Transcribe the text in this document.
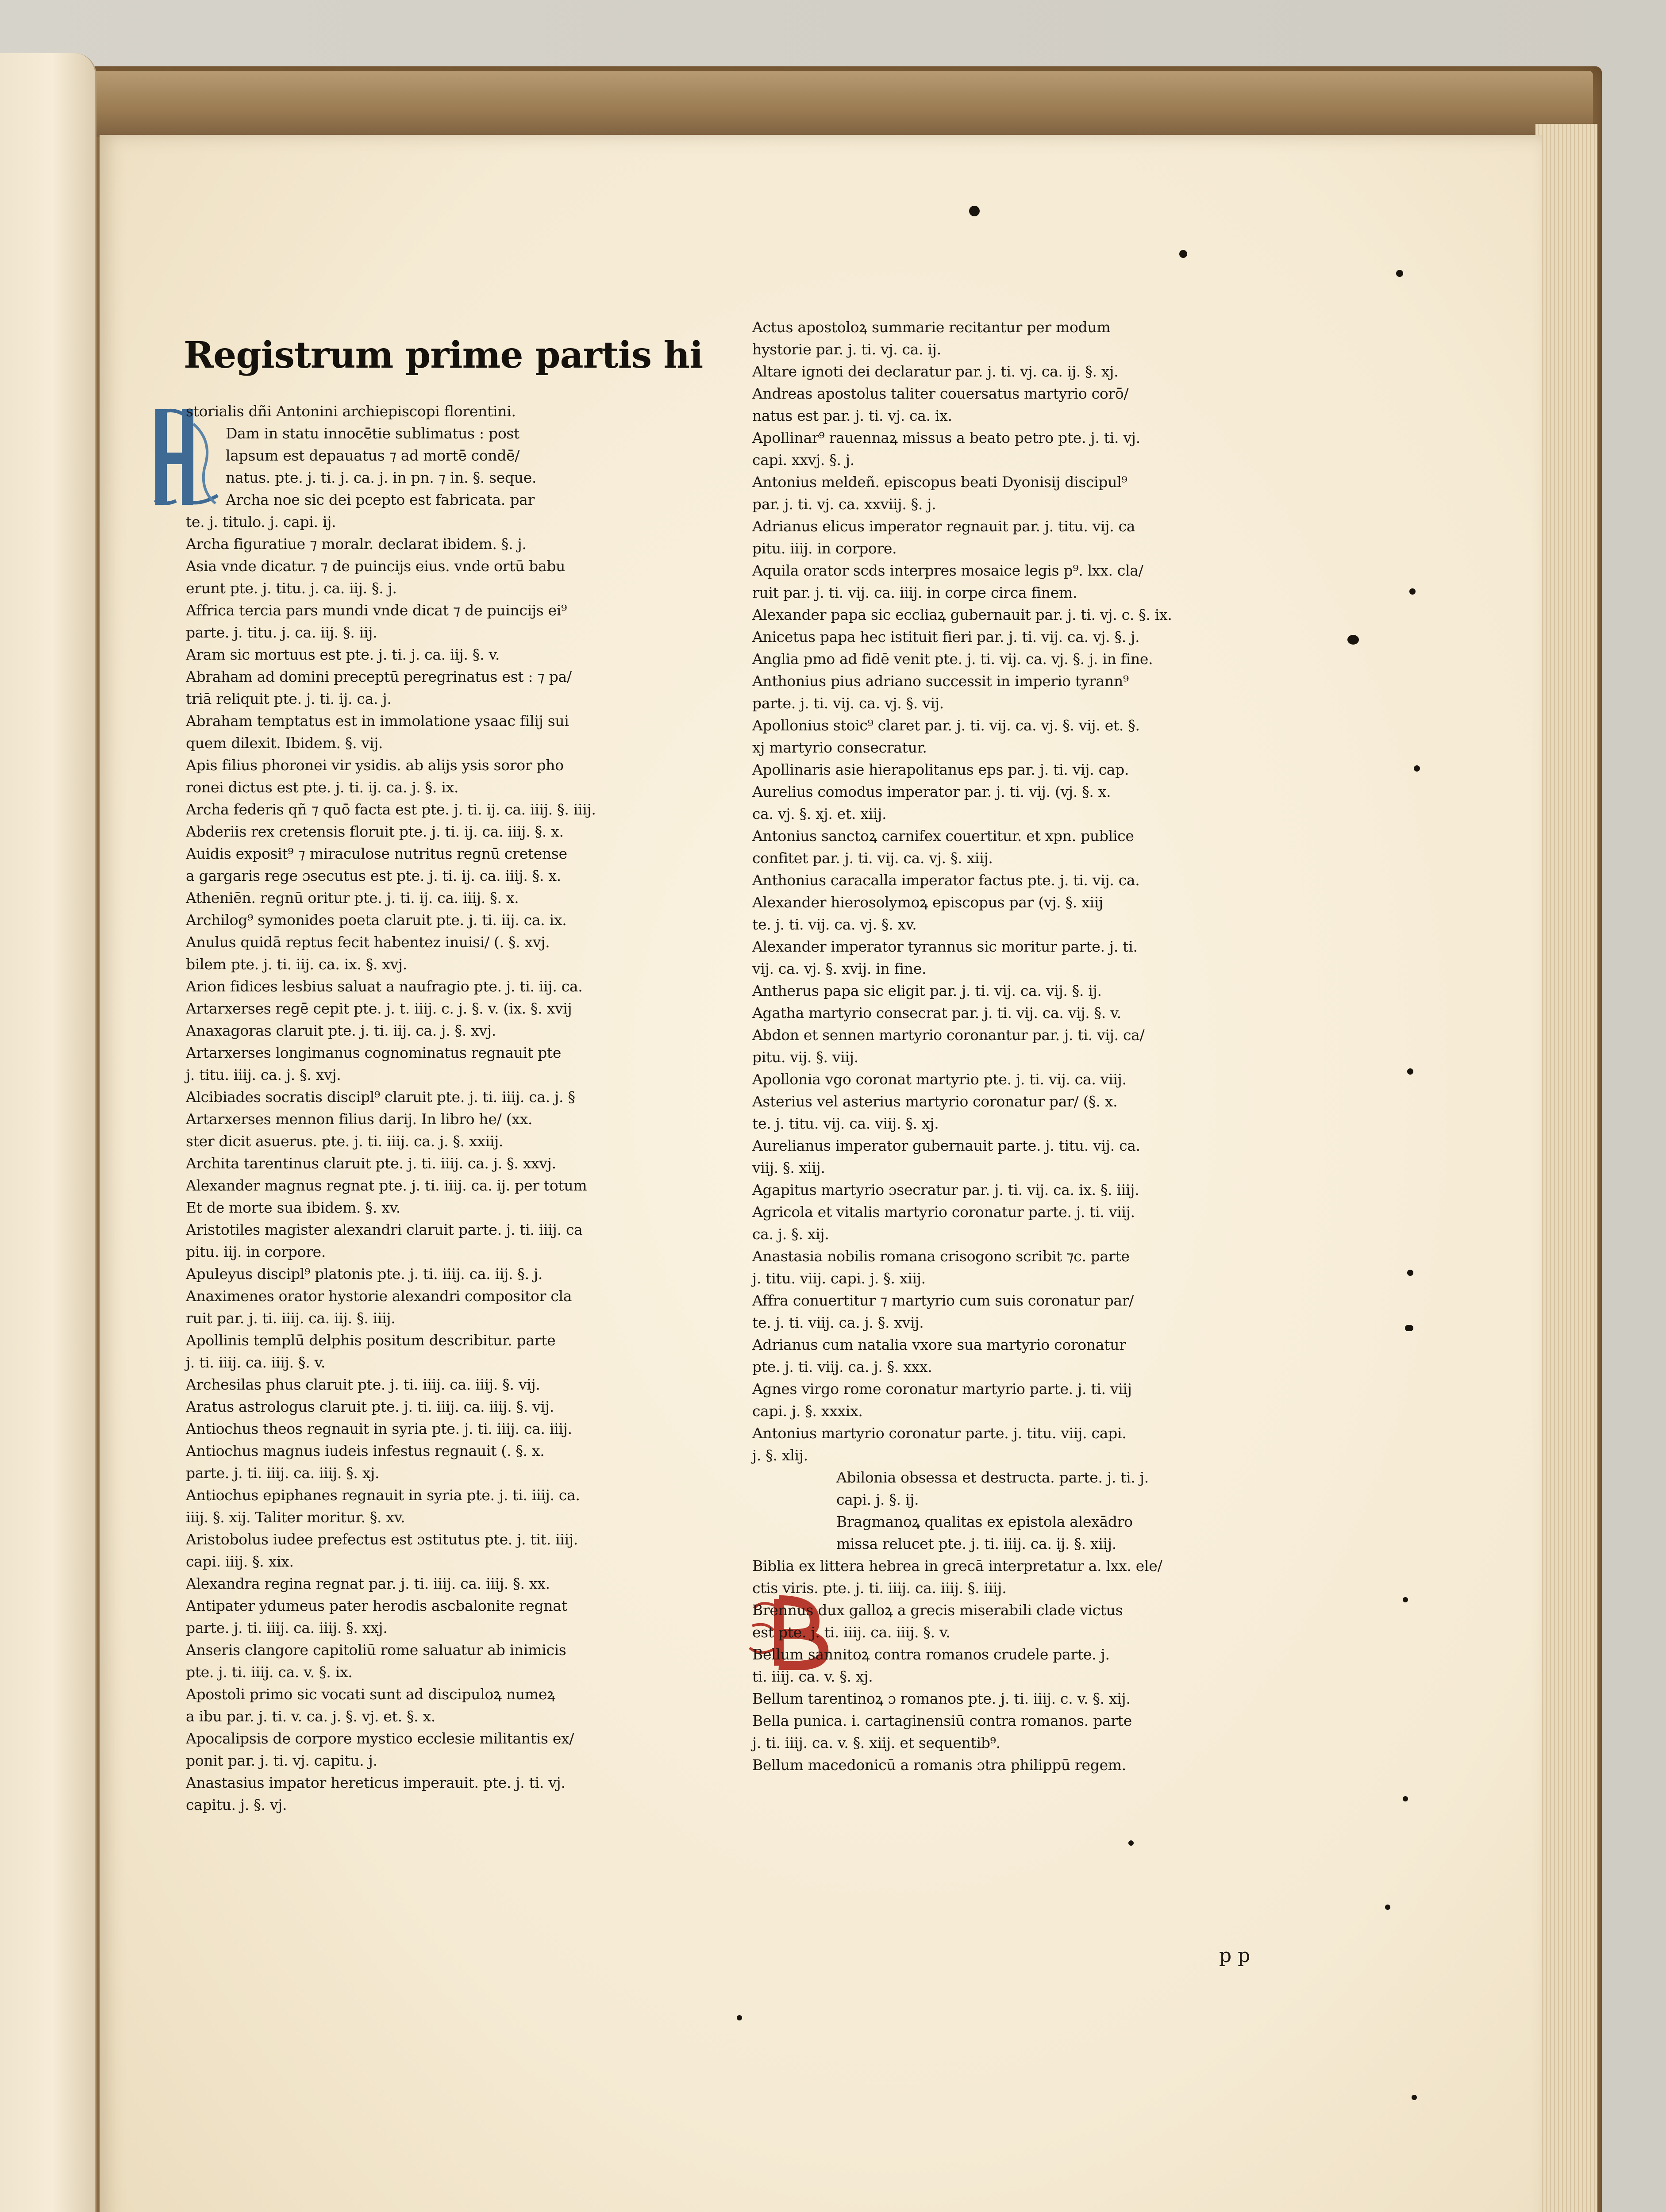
Registrum prime partis hi
storialis dñi Antonini archiepiscopi florentini.
Dam in statu innocētie sublimatus : post
lapsum est depauatus ⁊ ad mortē condē/
natus. pte. j. ti. j. ca. j. in pn. ⁊ in. §. seque.
Archa noe sic dei pcepto est fabricata. par
te. j. titulo. j. capi. ij.
Archa figuratiue ⁊ moralr. declarat ibidem. §. j.
Asia vnde dicatur. ⁊ de puincijs eius. vnde ortū babu
erunt pte. j. titu. j. ca. iij. §. j.
Affrica tercia pars mundi vnde dicat ⁊ de puincijs ei⁹
parte. j. titu. j. ca. iij. §. iij.
Aram sic mortuus est pte. j. ti. j. ca. iij. §. v.
Abraham ad domini preceptū peregrinatus est : ⁊ pa/
triā reliquit pte. j. ti. ij. ca. j.
Abraham temptatus est in immolatione ysaac filij sui
quem dilexit. Ibidem. §. vij.
Apis filius phoronei vir ysidis. ab alijs ysis soror pho
ronei dictus est pte. j. ti. ij. ca. j. §. ix.
Archa federis qñ ⁊ quō facta est pte. j. ti. ij. ca. iiij. §. iiij.
Abderiis rex cretensis floruit pte. j. ti. ij. ca. iiij. §. x.
Auidis exposit⁹ ⁊ miraculose nutritus regnū cretense
a gargaris rege ɔsecutus est pte. j. ti. ij. ca. iiij. §. x.
Atheniēn. regnū oritur pte. j. ti. ij. ca. iiij. §. x.
Archilog⁹ symonides poeta claruit pte. j. ti. iij. ca. ix.
Anulus quidā reptus fecit habentez inuisi/ (. §. xvj.
bilem pte. j. ti. iij. ca. ix. §. xvj.
Arion fidices lesbius saluat a naufragio pte. j. ti. iij. ca.
Artarxerses regē cepit pte. j. t. iiij. c. j. §. v. (ix. §. xvij
Anaxagoras claruit pte. j. ti. iij. ca. j. §. xvj.
Artarxerses longimanus cognominatus regnauit pte
j. titu. iiij. ca. j. §. xvj.
Alcibiades socratis discipl⁹ claruit pte. j. ti. iiij. ca. j. §
Artarxerses mennon filius darij. In libro he/ (xx.
ster dicit asuerus. pte. j. ti. iiij. ca. j. §. xxiij.
Archita tarentinus claruit pte. j. ti. iiij. ca. j. §. xxvj.
Alexander magnus regnat pte. j. ti. iiij. ca. ij. per totum
Et de morte sua ibidem. §. xv.
Aristotiles magister alexandri claruit parte. j. ti. iiij. ca
pitu. iij. in corpore.
Apuleyus discipl⁹ platonis pte. j. ti. iiij. ca. iij. §. j.
Anaximenes orator hystorie alexandri compositor cla
ruit par. j. ti. iiij. ca. iij. §. iiij.
Apollinis templū delphis positum describitur. parte
j. ti. iiij. ca. iiij. §. v.
Archesilas phus claruit pte. j. ti. iiij. ca. iiij. §. vij.
Aratus astrologus claruit pte. j. ti. iiij. ca. iiij. §. vij.
Antiochus theos regnauit in syria pte. j. ti. iiij. ca. iiij.
Antiochus magnus iudeis infestus regnauit (. §. x.
parte. j. ti. iiij. ca. iiij. §. xj.
Antiochus epiphanes regnauit in syria pte. j. ti. iiij. ca.
iiij. §. xij. Taliter moritur. §. xv.
Aristobolus iudee prefectus est ɔstitutus pte. j. tit. iiij.
capi. iiij. §. xix.
Alexandra regina regnat par. j. ti. iiij. ca. iiij. §. xx.
Antipater ydumeus pater herodis ascbalonite regnat
parte. j. ti. iiij. ca. iiij. §. xxj.
Anseris clangore capitoliū rome saluatur ab inimicis
pte. j. ti. iiij. ca. v. §. ix.
Apostoli primo sic vocati sunt ad discipuloꝝ numeꝝ
a ibu par. j. ti. v. ca. j. §. vj. et. §. x.
Apocalipsis de corpore mystico ecclesie militantis ex/
ponit par. j. ti. vj. capitu. j.
Anastasius impator hereticus imperauit. pte. j. ti. vj.
capitu. j. §. vj.
Actus apostoloꝝ summarie recitantur per modum
hystorie par. j. ti. vj. ca. ij.
Altare ignoti dei declaratur par. j. ti. vj. ca. ij. §. xj.
Andreas apostolus taliter couersatus martyrio corō/
natus est par. j. ti. vj. ca. ix.
Apollinar⁹ rauennaꝝ missus a beato petro pte. j. ti. vj.
capi. xxvj. §. j.
Antonius meldeñ. episcopus beati Dyonisij discipul⁹
par. j. ti. vj. ca. xxviij. §. j.
Adrianus elicus imperator regnauit par. j. titu. vij. ca
pitu. iiij. in corpore.
Aquila orator scds interpres mosaice legis p⁹. lxx. cla/
ruit par. j. ti. vij. ca. iiij. in corpe circa finem.
Alexander papa sic eccliaꝝ gubernauit par. j. ti. vj. c. §. ix.
Anicetus papa hec istituit fieri par. j. ti. vij. ca. vj. §. j.
Anglia pmo ad fidē venit pte. j. ti. vij. ca. vj. §. j. in fine.
Anthonius pius adriano successit in imperio tyrann⁹
parte. j. ti. vij. ca. vj. §. vij.
Apollonius stoic⁹ claret par. j. ti. vij. ca. vj. §. vij. et. §.
xj martyrio consecratur.
Apollinaris asie hierapolitanus eps par. j. ti. vij. cap.
Aurelius comodus imperator par. j. ti. vij. (vj. §. x.
ca. vj. §. xj. et. xiij.
Antonius sanctoꝝ carnifex couertitur. et xpn. publice
confitet par. j. ti. vij. ca. vj. §. xiij.
Anthonius caracalla imperator factus pte. j. ti. vij. ca.
Alexander hierosolymoꝝ episcopus par (vj. §. xiij
te. j. ti. vij. ca. vj. §. xv.
Alexander imperator tyrannus sic moritur parte. j. ti.
vij. ca. vj. §. xvij. in fine.
Antherus papa sic eligit par. j. ti. vij. ca. vij. §. ij.
Agatha martyrio consecrat par. j. ti. vij. ca. vij. §. v.
Abdon et sennen martyrio coronantur par. j. ti. vij. ca/
pitu. vij. §. viij.
Apollonia vgo coronat martyrio pte. j. ti. vij. ca. viij.
Asterius vel asterius martyrio coronatur par/ (§. x.
te. j. titu. vij. ca. viij. §. xj.
Aurelianus imperator gubernauit parte. j. titu. vij. ca.
viij. §. xiij.
Agapitus martyrio ɔsecratur par. j. ti. vij. ca. ix. §. iiij.
Agricola et vitalis martyrio coronatur parte. j. ti. viij.
ca. j. §. xij.
Anastasia nobilis romana crisogono scribit ⁊c. parte
j. titu. viij. capi. j. §. xiij.
Affra conuertitur ⁊ martyrio cum suis coronatur par/
te. j. ti. viij. ca. j. §. xvij.
Adrianus cum natalia vxore sua martyrio coronatur
pte. j. ti. viij. ca. j. §. xxx.
Agnes virgo rome coronatur martyrio parte. j. ti. viij
capi. j. §. xxxix.
Antonius martyrio coronatur parte. j. titu. viij. capi.
j. §. xlij.
Abilonia obsessa et destructa. parte. j. ti. j.
capi. j. §. ij.
Bragmanoꝝ qualitas ex epistola alexādro
missa relucet pte. j. ti. iiij. ca. ij. §. xiij.
Biblia ex littera hebrea in grecā interpretatur a. lxx. ele/
ctis viris. pte. j. ti. iiij. ca. iiij. §. iiij.
Brennus dux galloꝝ a grecis miserabili clade victus
est pte. j. ti. iiij. ca. iiij. §. v.
Bellum sannitoꝝ contra romanos crudele parte. j.
ti. iiij. ca. v. §. xj.
Bellum tarentinoꝝ ɔ romanos pte. j. ti. iiij. c. v. §. xij.
Bella punica. i. cartaginensiū contra romanos. parte
j. ti. iiij. ca. v. §. xiij. et sequentib⁹.
Bellum macedonicū a romanis ɔtra philippū regem.
p p
